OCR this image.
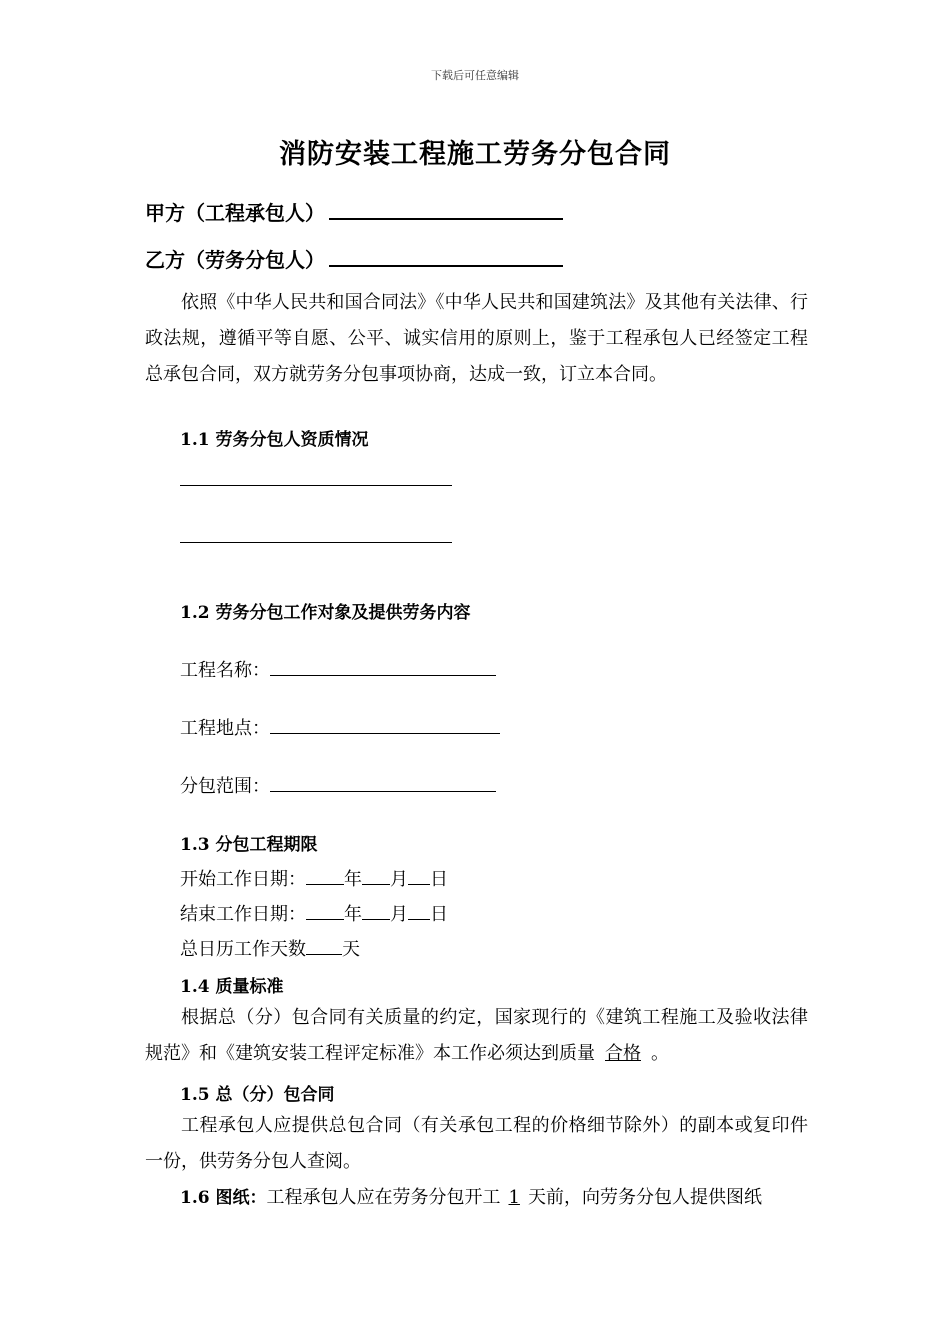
下载后可任意编辑
消防安装工程施工劳务分包合同
甲方（工程承包人）
乙方（劳务分包人）
依照《中华人民共和国合同法》《中华人民共和国建筑法》及其他有关法律、行政法规，遵循平等自愿、公平、诚实信用的原则上，鉴于工程承包人已经签定工程总承包合同，双方就劳务分包事项协商，达成一致，订立本合同。
1.1 劳务分包人资质情况
1.2 劳务分包工作对象及提供劳务内容
工程名称：
工程地点：
分包范围：
1.3 分包工程期限
开始工作日期： 年 月 日
结束工作日期： 年 月 日
总日历工作天数 天
1.4 质量标准
根据总（分）包合同有关质量的约定，国家现行的《建筑工程施工及验收法律规范》和《建筑安装工程评定标准》本工作必须达到质量 合格 。
1.5 总（分）包合同
工程承包人应提供总包合同（有关承包工程的价格细节除外）的副本或复印件一份，供劳务分包人查阅。
1.6 图纸：工程承包人应在劳务分包开工 1 天前，向劳务分包人提供图纸
